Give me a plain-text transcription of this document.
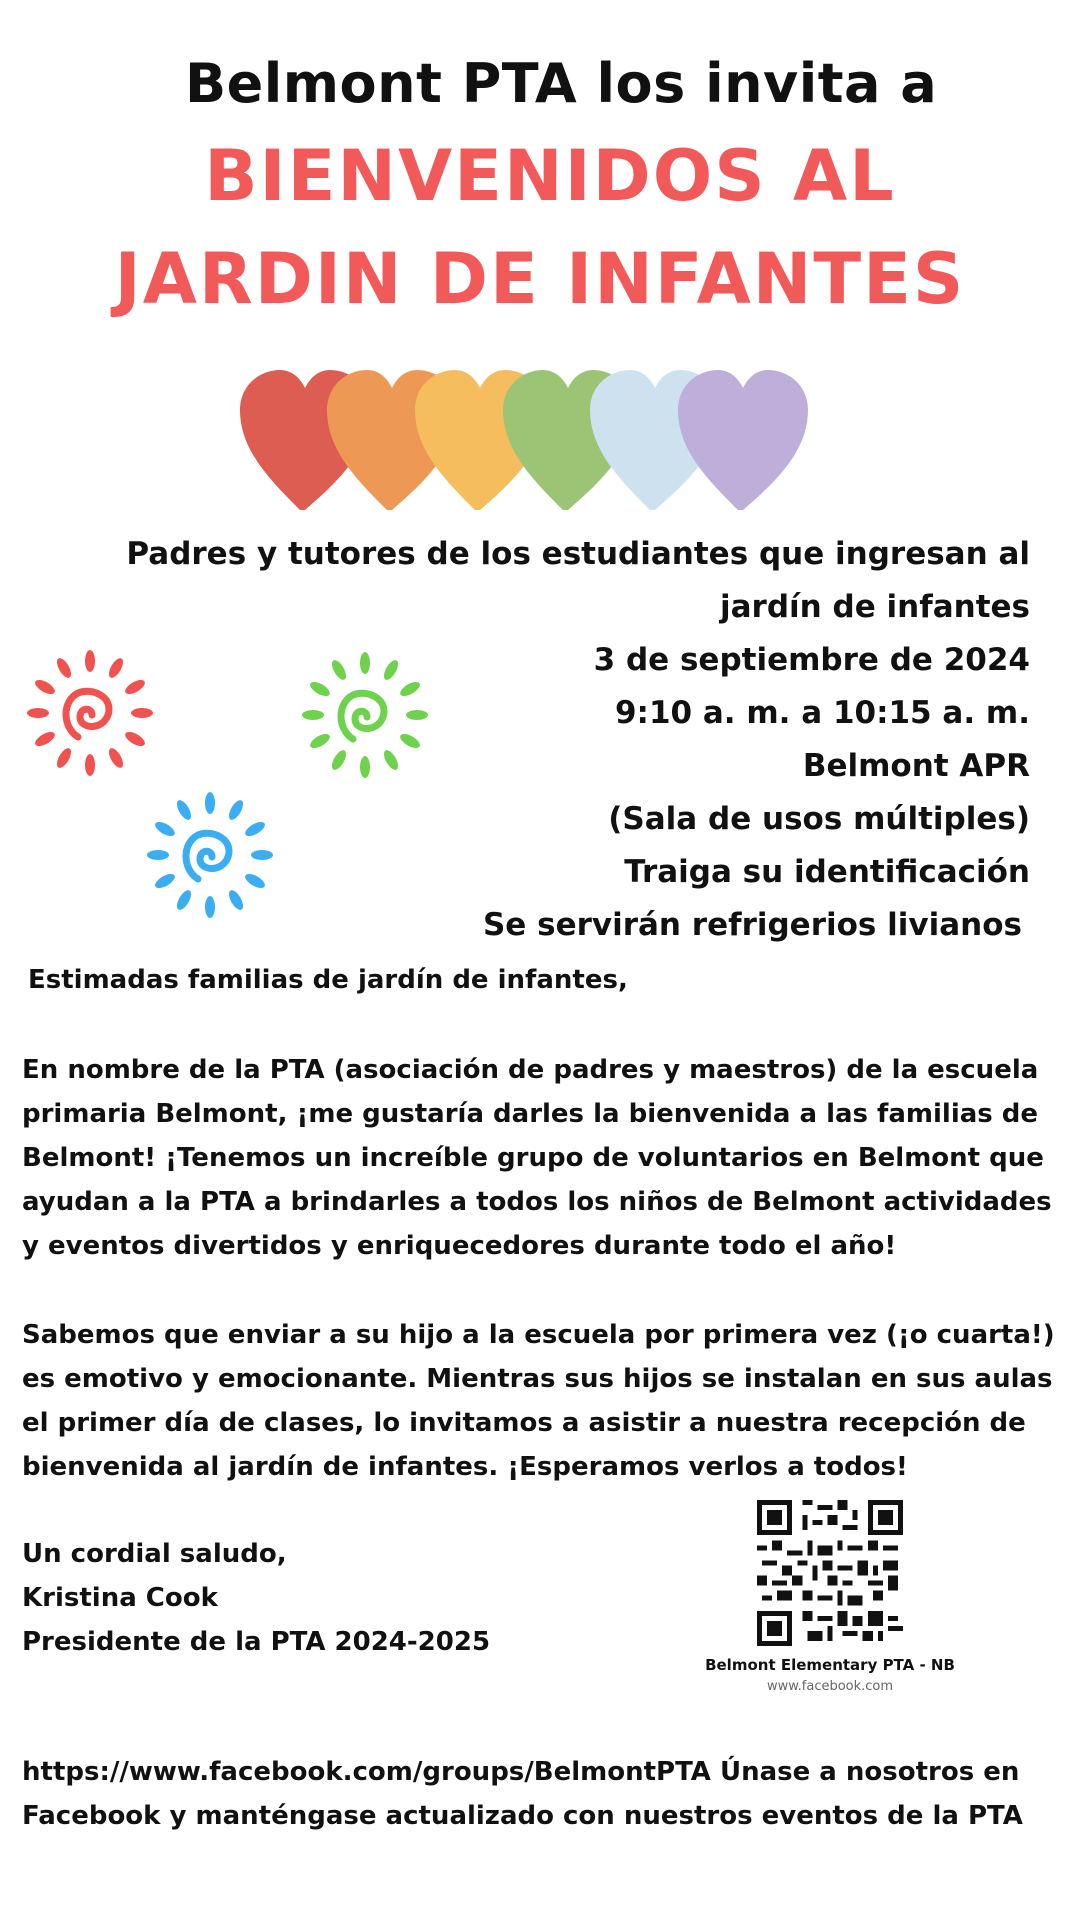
Belmont PTA los invita a
BIENVENIDOS AL
JARDIN DE INFANTES
Padres y tutores de los estudiantes que ingresan al
jardín de infantes
3 de septiembre de 2024
9:10 a. m. a 10:15 a. m.
Belmont APR
(Sala de usos múltiples)
Traiga su identificación
Se servirán refrigerios livianos
Estimadas familias de jardín de infantes,
En nombre de la PTA (asociación de padres y maestros) de la escuela primaria Belmont, ¡me gustaría darles la bienvenida a las familias de Belmont! ¡Tenemos un increíble grupo de voluntarios en Belmont que ayudan a la PTA a brindarles a todos los niños de Belmont actividades y eventos divertidos y enriquecedores durante todo el año!
Sabemos que enviar a su hijo a la escuela por primera vez (¡o cuarta!) es emotivo y emocionante. Mientras sus hijos se instalan en sus aulas el primer día de clases, lo invitamos a asistir a nuestra recepción de bienvenida al jardín de infantes. ¡Esperamos verlos a todos!
Un cordial saludo,
Kristina Cook
Presidente de la PTA 2024-2025
Belmont Elementary PTA - NB
www.facebook.com
https://www.facebook.com/groups/BelmontPTA Únase a nosotros en Facebook y manténgase actualizado con nuestros eventos de la PTA
